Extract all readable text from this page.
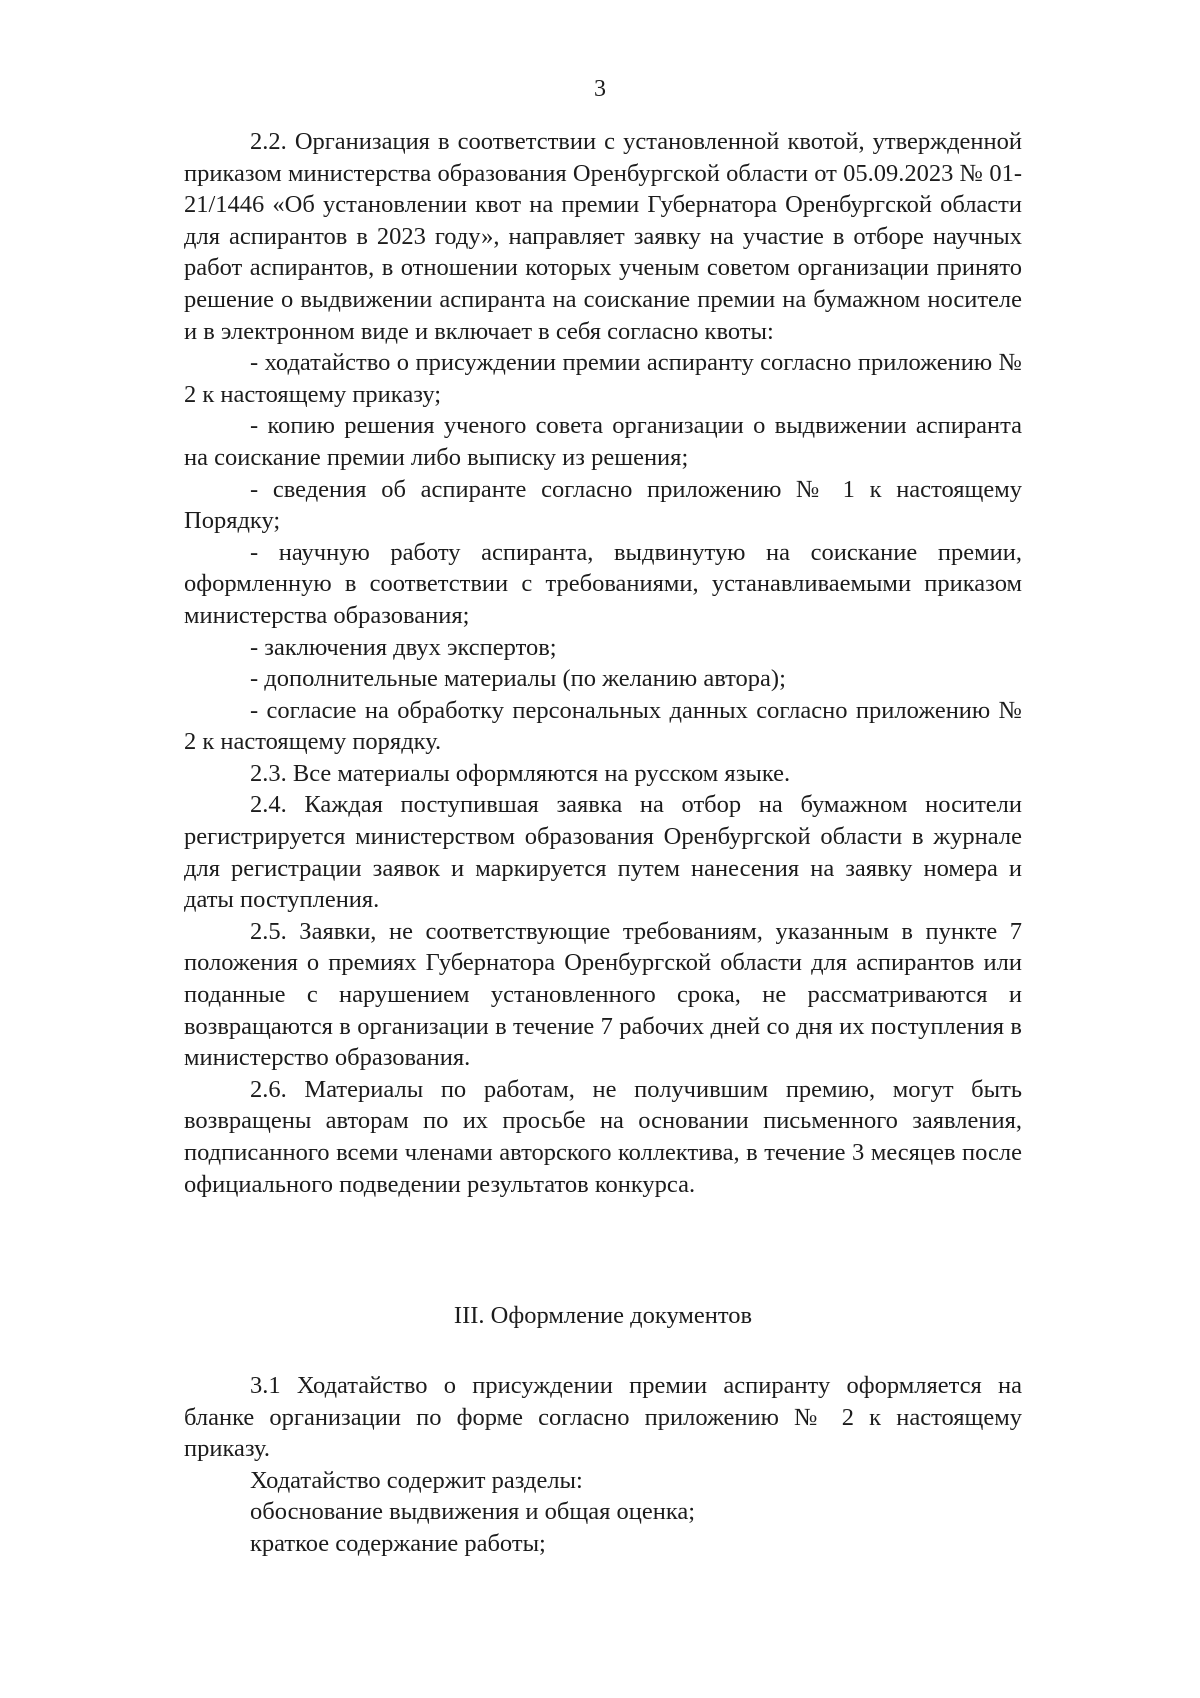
3

2.2. Организация в соответствии с установленной квотой, утвержденной приказом министерства образования Оренбургской области от 05.09.2023 № 01-21/1446 «Об установлении квот на премии Губернатора Оренбургской области для аспирантов в 2023 году», направляет заявку на участие в отборе научных работ аспирантов, в отношении которых ученым советом организации принято решение о выдвижении аспиранта на соискание премии на бумажном носителе и в электронном виде и включает в себя согласно квоты:

- ходатайство о присуждении премии аспиранту согласно приложению № 2 к настоящему приказу;

- копию решения ученого совета организации о выдвижении аспиранта на соискание премии либо выписку из решения;

- сведения об аспиранте согласно приложению № 1 к настоящему Порядку;

- научную работу аспиранта, выдвинутую на соискание премии, оформленную в соответствии с требованиями, устанавливаемыми приказом министерства образования;

- заключения двух экспертов;

- дополнительные материалы (по желанию автора);

- согласие на обработку персональных данных согласно приложению № 2 к настоящему порядку.

2.3. Все материалы оформляются на русском языке.

2.4. Каждая поступившая заявка на отбор на бумажном носители регистрируется министерством образования Оренбургской области в журнале для регистрации заявок и маркируется путем нанесения на заявку номера и даты поступления.

2.5. Заявки, не соответствующие требованиям, указанным в пункте 7 положения о премиях Губернатора Оренбургской области для аспирантов или поданные с нарушением установленного срока, не рассматриваются и возвращаются в организации в течение 7 рабочих дней со дня их поступления в министерство образования.

2.6. Материалы по работам, не получившим премию, могут быть возвращены авторам по их просьбе на основании письменного заявления, подписанного всеми членами авторского коллектива, в течение 3 месяцев после официального подведении результатов конкурса.

III. Оформление документов

3.1 Ходатайство о присуждении премии аспиранту оформляется на бланке организации по форме согласно приложению № 2 к настоящему приказу.

Ходатайство содержит разделы:

обоснование выдвижения и общая оценка;

краткое содержание работы;
